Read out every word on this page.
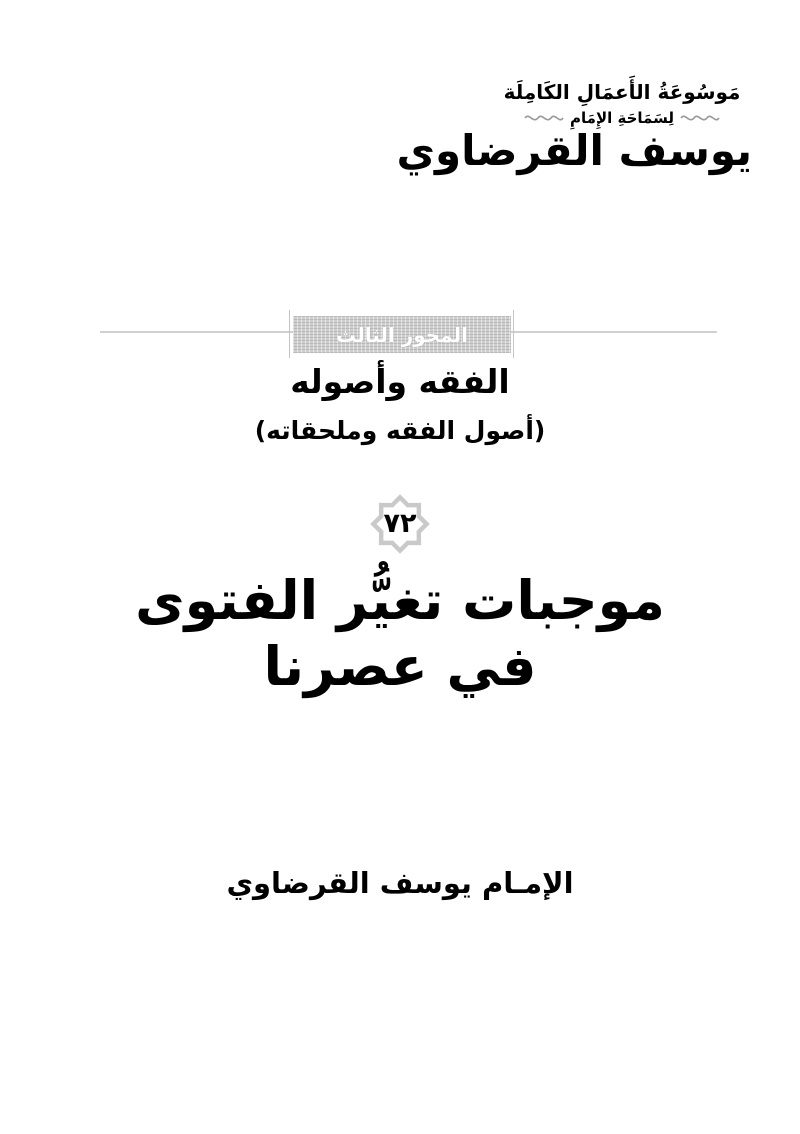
مَوسُوعَةُ الأَعمَالِ الكَامِلَة
لِسَمَاحَةِ الإِمَامِ
يوسف القرضاوي
المحور الثالث
الفقه وأصوله
(أصول الفقه وملحقاته)
٧٢
موجبات تغيُّر الفتوى
في عصرنا
الإمـام يوسف القرضاوي
